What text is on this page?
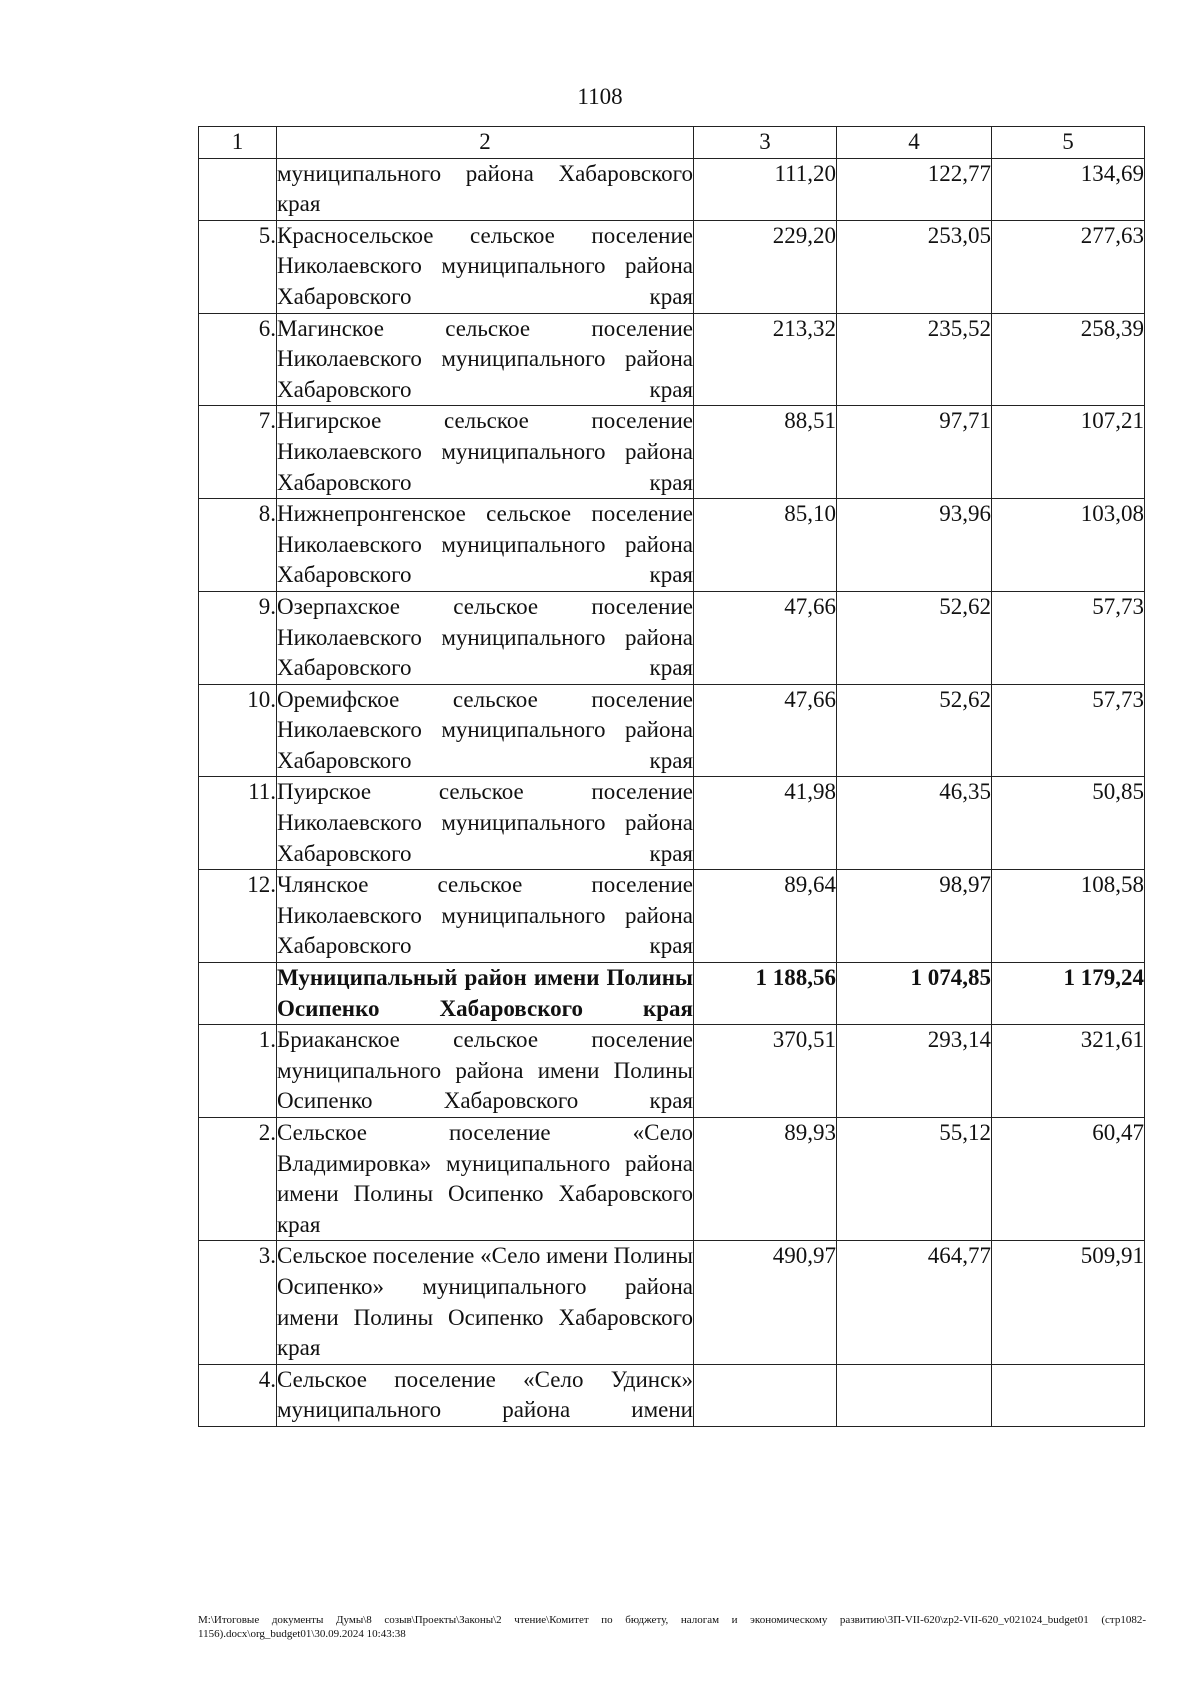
1108
1	2	3	4	5
	муниципального района Хабаровского края	111,20	122,77	134,69
5.	Красносельское сельское поселение Николаевского муниципального района Хабаровского края	229,20	253,05	277,63
6.	Магинское сельское поселение Николаевского муниципального района Хабаровского края	213,32	235,52	258,39
7.	Нигирское сельское поселение Николаевского муниципального района Хабаровского края	88,51	97,71	107,21
8.	Нижнепронгенское сельское поселение Николаевского муниципального района Хабаровского края	85,10	93,96	103,08
9.	Озерпахское сельское поселение Николаевского муниципального района Хабаровского края	47,66	52,62	57,73
10.	Оремифское сельское поселение Николаевского муниципального района Хабаровского края	47,66	52,62	57,73
11.	Пуирское сельское поселение Николаевского муниципального района Хабаровского края	41,98	46,35	50,85
12.	Члянское сельское поселение Николаевского муниципального района Хабаровского края	89,64	98,97	108,58
	Муниципальный район имени Полины Осипенко Хабаровского края	1 188,56	1 074,85	1 179,24
1.	Бриаканское сельское поселение муниципального района имени Полины Осипенко Хабаровского края	370,51	293,14	321,61
2.	Сельское поселение «Село Владимировка» муниципального района имени Полины Осипенко Хабаровского края	89,93	55,12	60,47
3.	Сельское поселение «Село имени Полины Осипенко» муниципального района имени Полины Осипенко Хабаровского края	490,97	464,77	509,91
4.	Сельское поселение «Село Удинск» муниципального района имени			
M:\Итоговые документы Думы\8 созыв\Проекты\Законы\2 чтение\Комитет по бюджету, налогам и экономическому развитию\3П-VII-620\zp2-VII-620_v021024_budget01 (стр1082-1156).docx\org_budget01\30.09.2024 10:43:38
